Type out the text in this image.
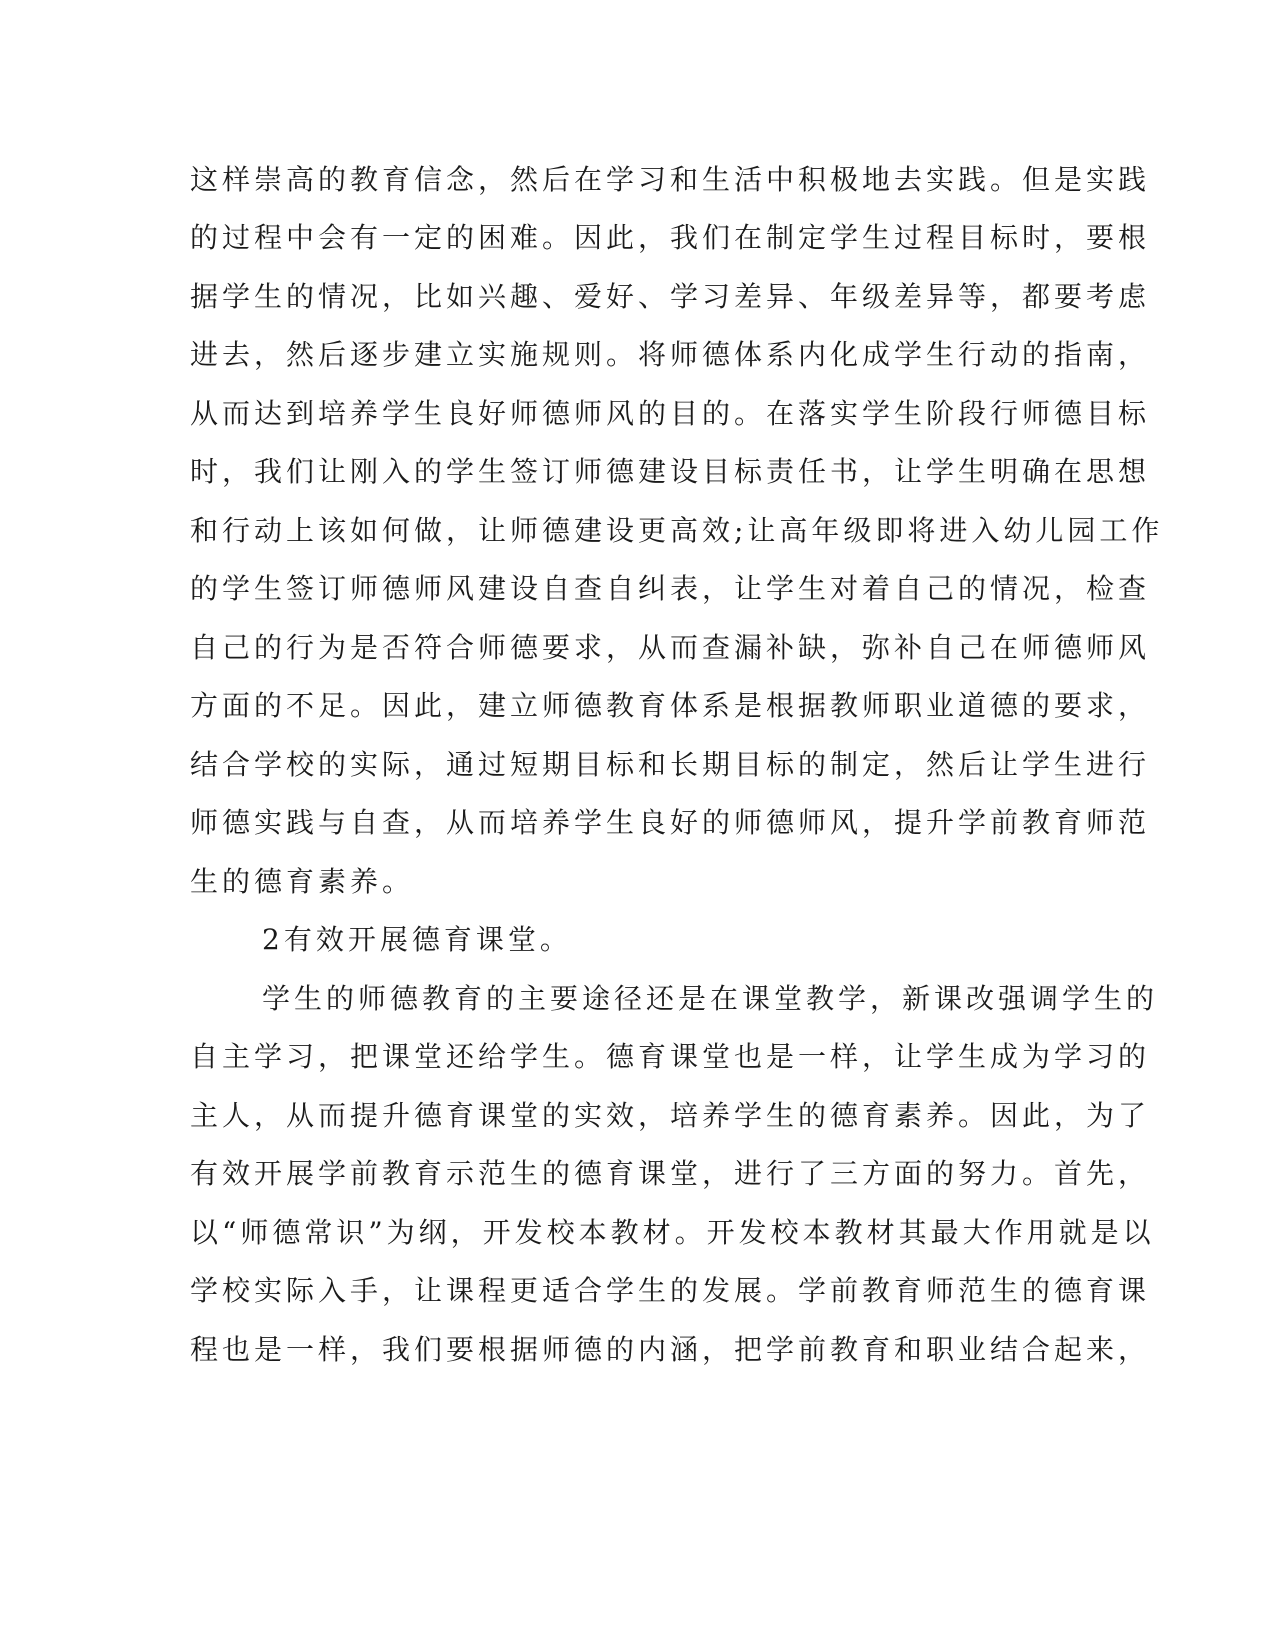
这样崇高的教育信念，然后在学习和生活中积极地去实践。但是实践
的过程中会有一定的困难。因此，我们在制定学生过程目标时，要根
据学生的情况，比如兴趣、爱好、学习差异、年级差异等，都要考虑
进去，然后逐步建立实施规则。将师德体系内化成学生行动的指南，
从而达到培养学生良好师德师风的目的。在落实学生阶段行师德目标
时，我们让刚入的学生签订师德建设目标责任书，让学生明确在思想
和行动上该如何做，让师德建设更高效;让高年级即将进入幼儿园工作
的学生签订师德师风建设自查自纠表，让学生对着自己的情况，检查
自己的行为是否符合师德要求，从而查漏补缺，弥补自己在师德师风
方面的不足。因此，建立师德教育体系是根据教师职业道德的要求，
结合学校的实际，通过短期目标和长期目标的制定，然后让学生进行
师德实践与自查，从而培养学生良好的师德师风，提升学前教育师范
生的德育素养。
2有效开展德育课堂。
学生的师德教育的主要途径还是在课堂教学，新课改强调学生的
自主学习，把课堂还给学生。德育课堂也是一样，让学生成为学习的
主人，从而提升德育课堂的实效，培养学生的德育素养。因此，为了
有效开展学前教育示范生的德育课堂，进行了三方面的努力。首先，
以“师德常识”为纲，开发校本教材。开发校本教材其最大作用就是以
学校实际入手，让课程更适合学生的发展。学前教育师范生的德育课
程也是一样，我们要根据师德的内涵，把学前教育和职业结合起来，
